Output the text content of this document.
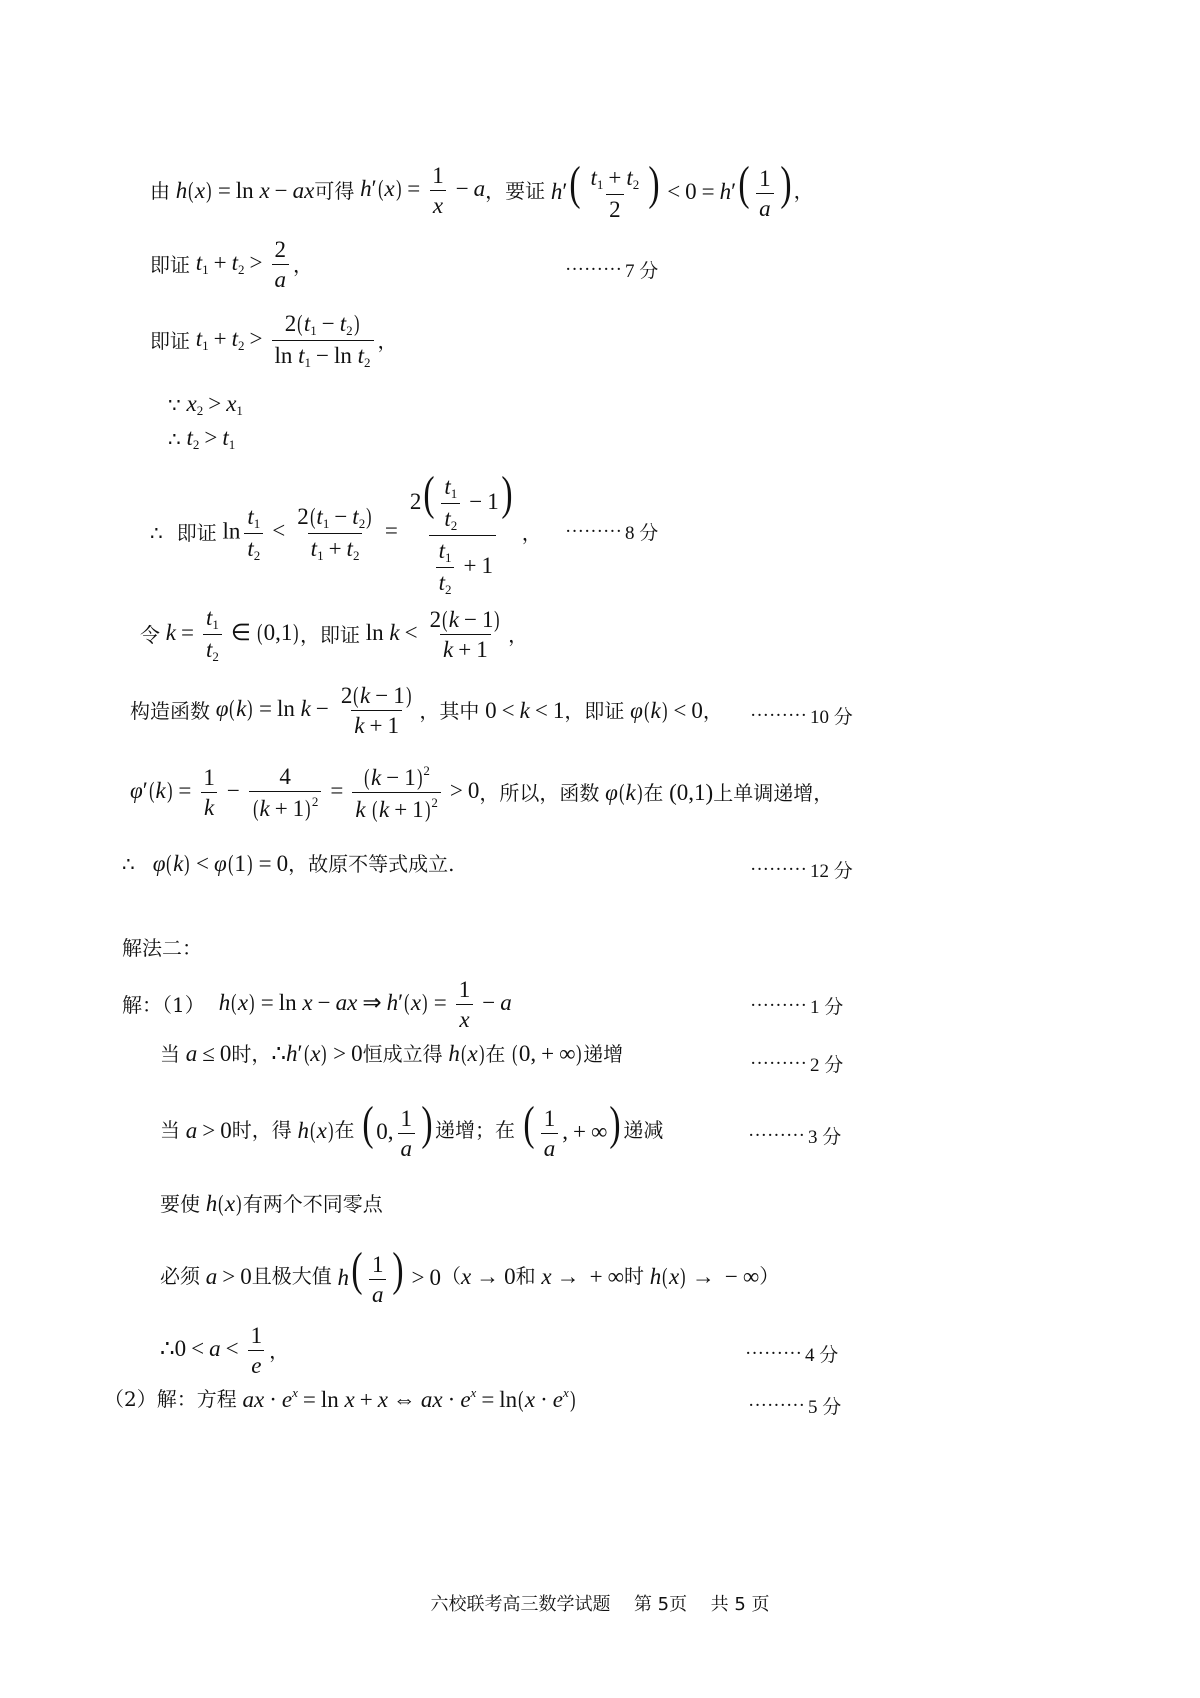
由 h(x) = ln x − ax 可得 $h'(x) = \frac{1}{x} - a$ ，要证 $h'( \frac{t_1 + t_2}{2}$ ) < $0 = h'( \frac{1}{a}$ ) ，
即证 $t_1 + t_2 > \frac{2}{a}$ ，	········· 7 分
即证 $t_1 + t_2 > \frac{2(t_1 - t_2)}{\ln t_1 - \ln t_2}$ ，
∵ $x_2 > x_1$
∴ $t_2 > t_1$
∴ 即证 $\ln \frac{t_1}{t_2} < \frac{2(t_1 - t_2)}{t_1 + t_2} = \frac{2( \frac{t_1}{t_2} - 1)}{\frac{t_1}{t_2} + 1}$ ， ········· 8 分
令 $k = \frac{t_1}{t_2}$ ∈ (0,1) ，即证 $\ln k < \frac{2(k - 1)}{k + 1}$ ，
构造函数 $\varphi(k) = \ln k - \frac{2(k - 1)}{k + 1}$ ，其中 0 < k < 1 ，即证 φ(k) < 0 ， ········· 10 分
$\varphi'(k) = \frac{1}{k} - \frac{4}{(k + 1)^2} = \frac{(k - 1)^2}{k (k + 1)^2} > 0$ ，所以，函数 φ(k) 在 (0,1) 上单调递增，
∴ φ(k) < φ(1) = 0 ，故原不等式成立.	········· 12 分
解法二：
解：（1） h(x) = ln x − ax ⇒ $h'(x) = \frac{1}{x} - a$	········· 1 分
当 a ≤ 0 时， ∴h′(x) > 0 恒成立得 h(x) 在 (0, + ∞) 递增	········· 2 分
当 a > 0 时，得 h(x) 在 ( 0, $\frac{1}{a}$ ) 递增；在 ( $\frac{1}{a}$ , + ∞) 递减	········· 3 分
要使 h(x) 有两个不同零点
必须 a > 0 且极大值 $h( \frac{1}{a}$ ) > 0 （ x → 0 和 x → + ∞ 时 h(x) → − ∞ ）
∴0 < $a < \frac{1}{e}$ ，	········· 4 分
（2）解：方程 ax · $e^x = \ln x + x$ ⇔ ax · $e^x = \ln(x \cdot e^x)$	········· 5 分
六校联考高三数学试题 第 5页 共 5 页
